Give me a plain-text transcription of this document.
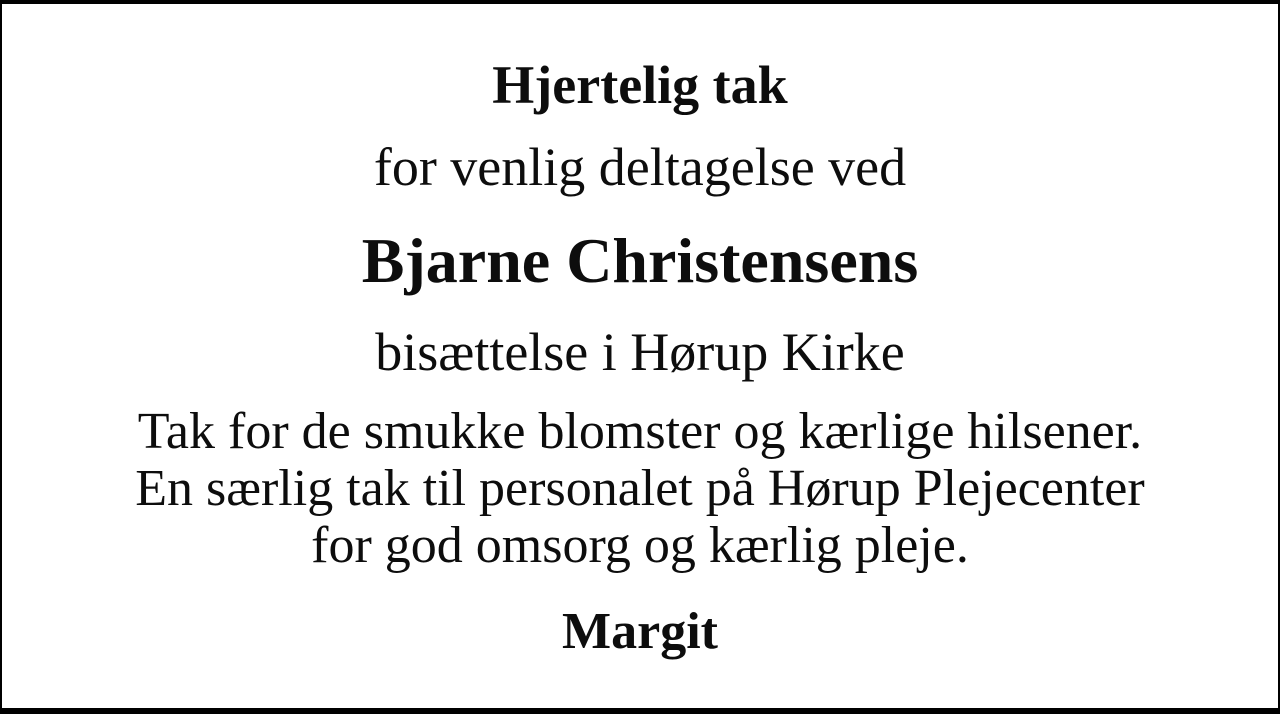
Hjertelig tak
for venlig deltagelse ved
Bjarne Christensens
bisættelse i Hørup Kirke
Tak for de smukke blomster og kærlige hilsener.
En særlig tak til personalet på Hørup Plejecenter
for god omsorg og kærlig pleje.
Margit
